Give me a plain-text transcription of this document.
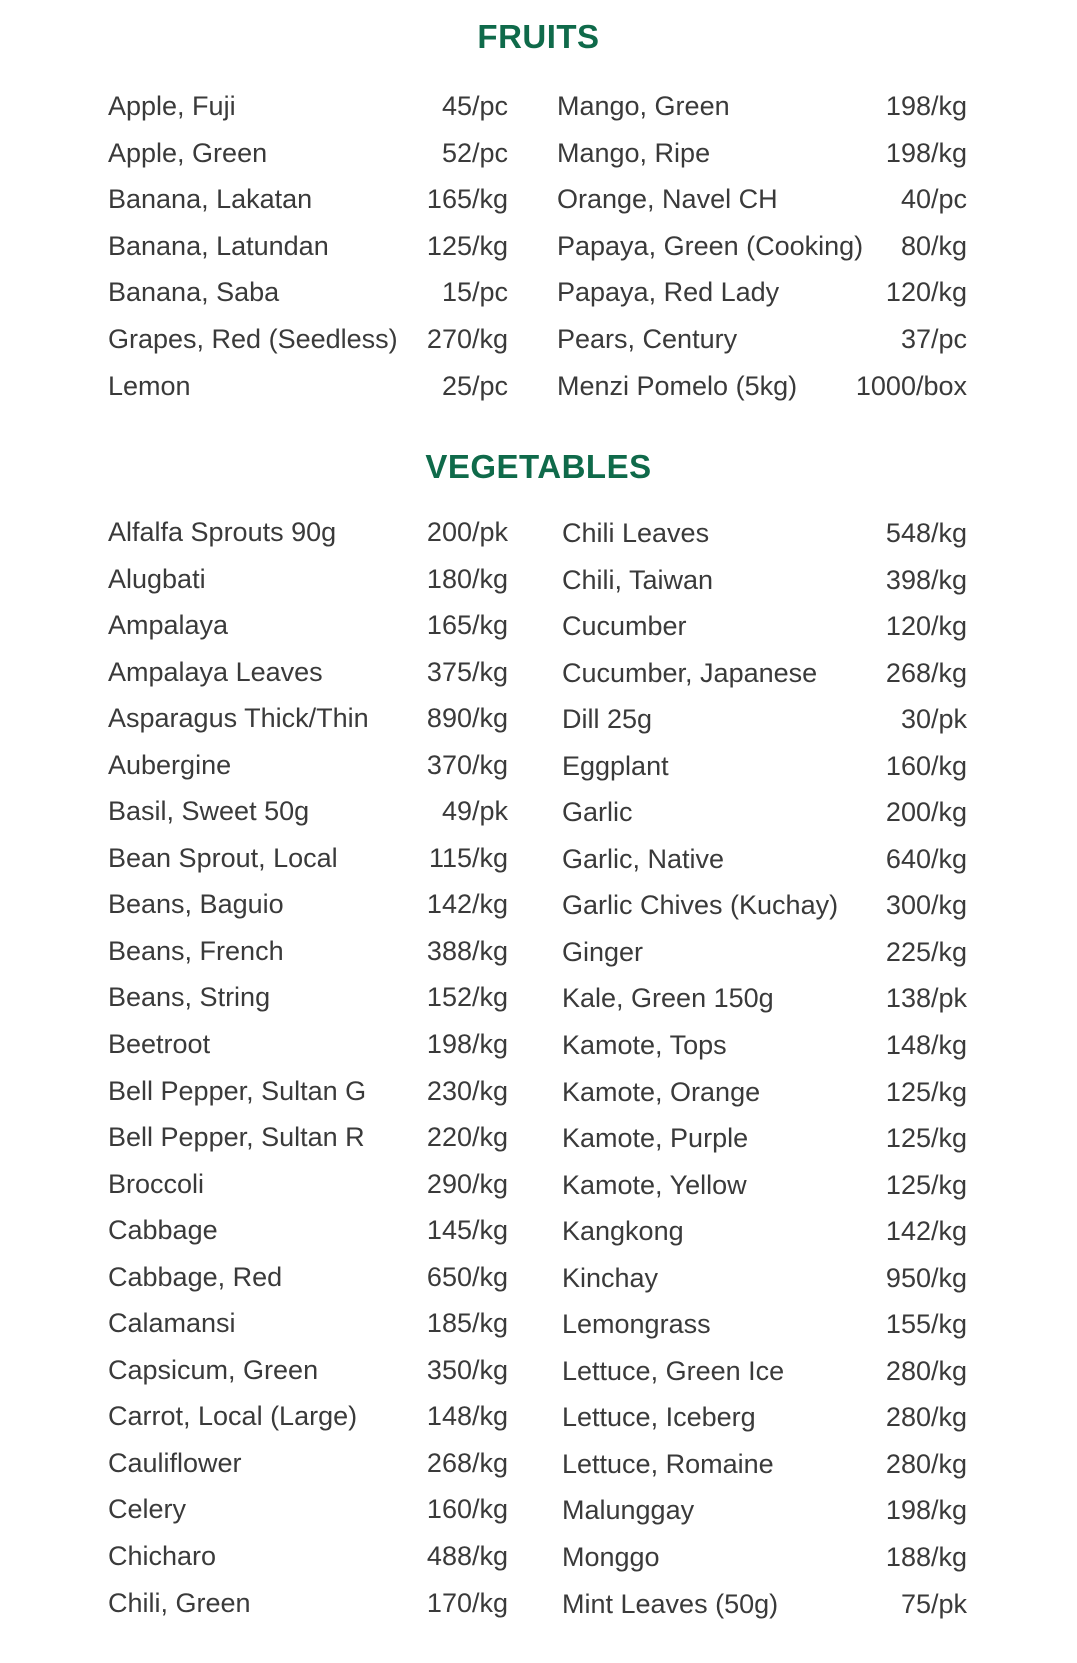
FRUITS
Apple, Fuji	45/pc
Apple, Green	52/pc
Banana, Lakatan	165/kg
Banana, Latundan	125/kg
Banana, Saba	15/pc
Grapes, Red (Seedless) 270/kg
Lemon	25/pc
Mango, Green	198/kg
Mango, Ripe	198/kg
Orange, Navel CH	40/pc
Papaya, Green (Cooking) 80/kg
Papaya, Red Lady	120/kg
Pears, Century	37/pc
Menzi Pomelo (5kg) 1000/box
VEGETABLES
Alfalfa Sprouts 90g	200/pk
Alugbati	180/kg
Ampalaya	165/kg
Ampalaya Leaves	375/kg
Asparagus Thick/Thin 890/kg
Aubergine	370/kg
Basil, Sweet 50g	49/pk
Bean Sprout, Local	115/kg
Beans, Baguio	142/kg
Beans, French	388/kg
Beans, String	152/kg
Beetroot	198/kg
Bell Pepper, Sultan G 230/kg
Bell Pepper, Sultan R 220/kg
Broccoli	290/kg
Cabbage	145/kg
Cabbage, Red	650/kg
Calamansi	185/kg
Capsicum, Green	350/kg
Carrot, Local (Large)	148/kg
Cauliflower	268/kg
Celery	160/kg
Chicharo	488/kg
Chili, Green	170/kg
Chili Leaves	548/kg
Chili, Taiwan	398/kg
Cucumber	120/kg
Cucumber, Japanese	268/kg
Dill 25g	30/pk
Eggplant	160/kg
Garlic	200/kg
Garlic, Native	640/kg
Garlic Chives (Kuchay) 300/kg
Ginger	225/kg
Kale, Green 150g	138/pk
Kamote, Tops	148/kg
Kamote, Orange	125/kg
Kamote, Purple	125/kg
Kamote, Yellow	125/kg
Kangkong	142/kg
Kinchay	950/kg
Lemongrass	155/kg
Lettuce, Green Ice	280/kg
Lettuce, Iceberg	280/kg
Lettuce, Romaine	280/kg
Malunggay	198/kg
Monggo	188/kg
Mint Leaves (50g)	75/pk
